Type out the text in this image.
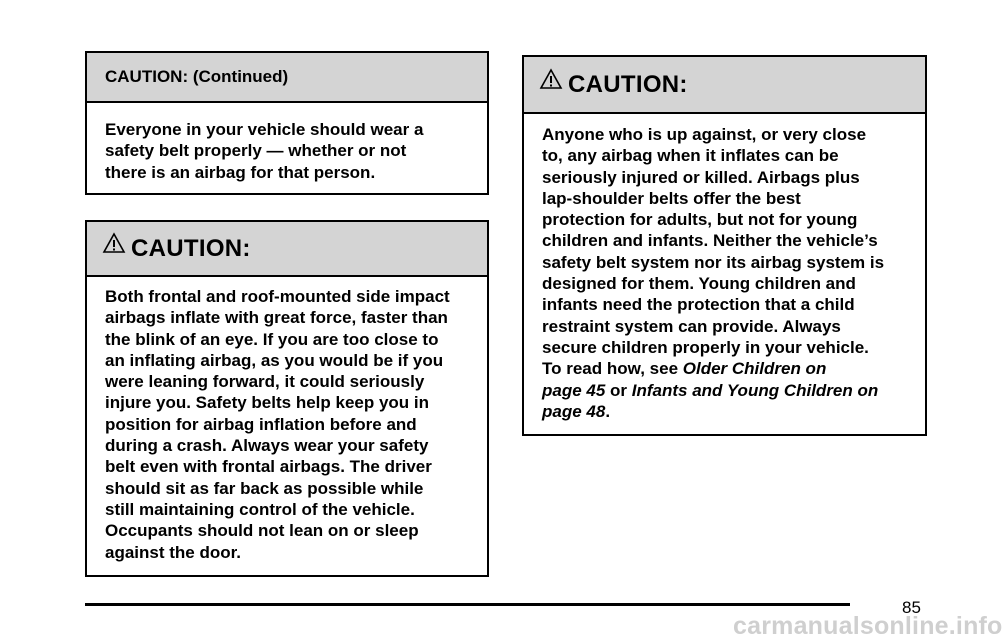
CAUTION: (Continued)
Everyone in your vehicle should wear a
safety belt properly — whether or not
there is an airbag for that person.
CAUTION:
Both frontal and roof-mounted side impact
airbags inflate with great force, faster than
the blink of an eye. If you are too close to
an inflating airbag, as you would be if you
were leaning forward, it could seriously
injure you. Safety belts help keep you in
position for airbag inflation before and
during a crash. Always wear your safety
belt even with frontal airbags. The driver
should sit as far back as possible while
still maintaining control of the vehicle.
Occupants should not lean on or sleep
against the door.
CAUTION:
Anyone who is up against, or very close
to, any airbag when it inflates can be
seriously injured or killed. Airbags plus
lap-shoulder belts offer the best
protection for adults, but not for young
children and infants. Neither the vehicle’s
safety belt system nor its airbag system is
designed for them. Young children and
infants need the protection that a child
restraint system can provide. Always
secure children properly in your vehicle.
To read how, see Older Children on
page 45 or Infants and Young Children on
page 48.
85
carmanualsonline.info
